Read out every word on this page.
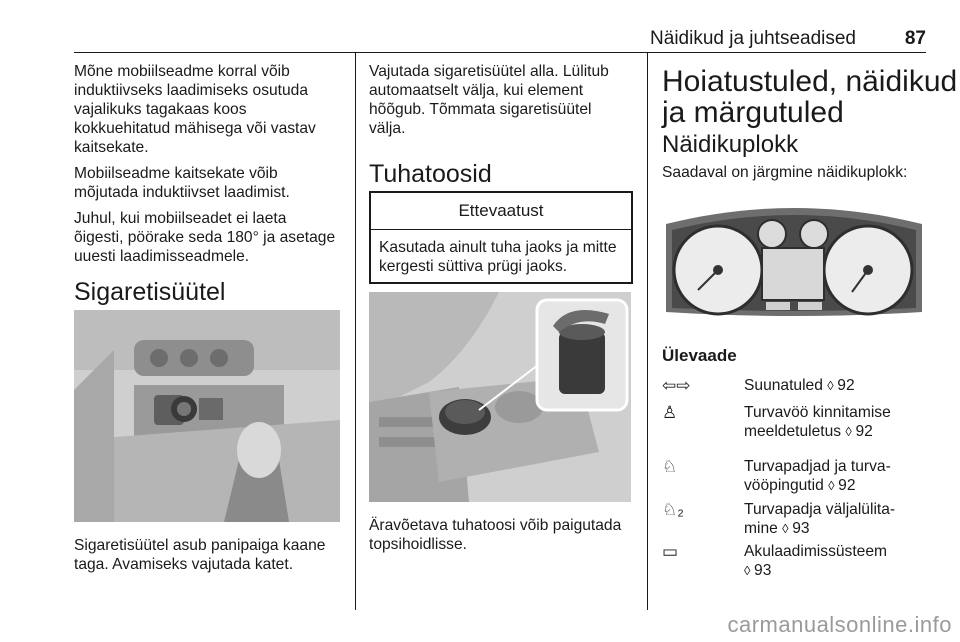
Näidikud ja juhtseadised	87
Mõne mobiilseadme korral võib
induktiivseks laadimiseks osutuda
vajalikuks tagakaas koos
kokkuehitatud mähisega või vastav
kaitsekate.
Mobiilseadme kaitsekate võib
mõjutada induktiivset laadimist.
Juhul, kui mobiilseadet ei laeta
õigesti, pöörake seda 180° ja asetage
uuesti laadimisseadmele.
Sigaretisüütel
Sigaretisüütel asub panipaiga kaane
taga. Avamiseks vajutada katet.
Vajutada sigaretisüütel alla. Lülitub
automaatselt välja, kui element
hõõgub. Tõmmata sigaretisüütel
välja.
Tuhatoosid
Ettevaatust
Kasutada ainult tuha jaoks ja mitte
kergesti süttiva prügi jaoks.
Äravõetava tuhatoosi võib paigutada
topsihoidlisse.
Hoiatustuled, näidikud
ja märgutuled
Näidikuplokk
Saadaval on järgmine näidikuplokk:
Ülevaade
⇦⇨	Suunatuled ◊ 92
♙	Turvavöö kinnitamise
meeldetuletus ◊ 92
♘	Turvapadjad ja turva-
vööpingutid ◊ 92
♘₂	Turvapadja väljalülita-
mine ◊ 93
▭	Akulaadimissüsteem
◊ 93
carmanualsonline.info
